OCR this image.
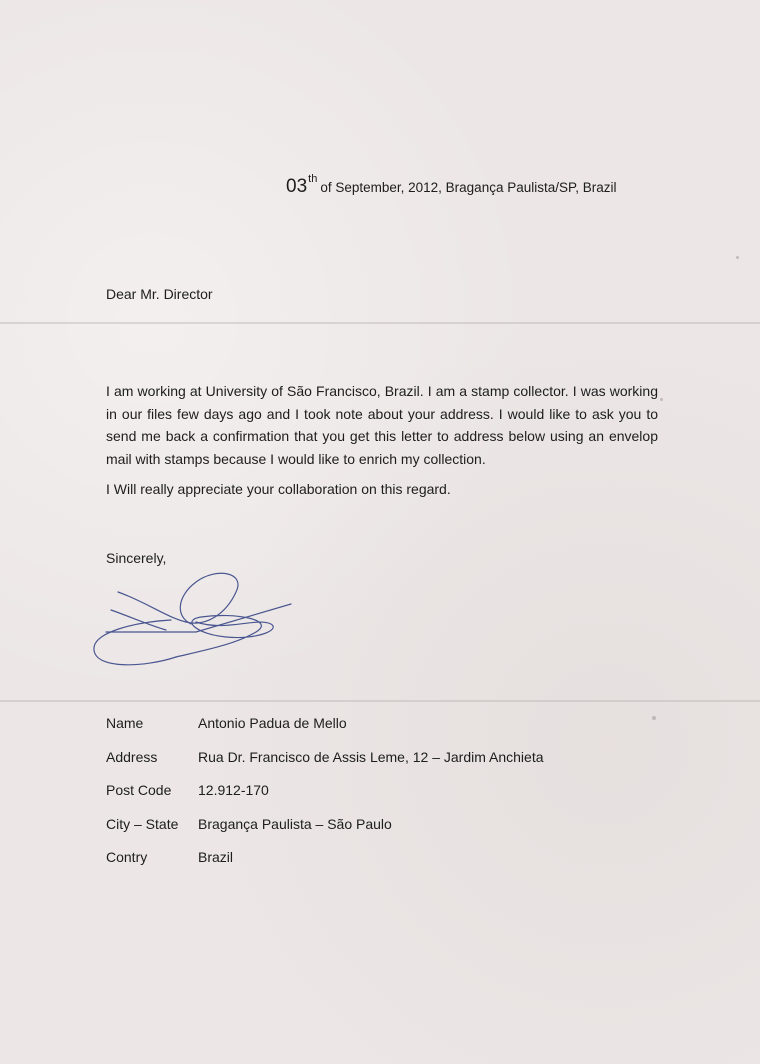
03thof September, 2012, Bragança Paulista/SP, Brazil
Dear Mr. Director

I am working at University of São Francisco, Brazil. I am a stamp collector. I was working in our files few days ago and I took note about your address. I would like to ask you to send me back a confirmation that you get this letter to address below using an envelop mail with stamps because I would like to enrich my collection.

I Will really appreciate your collaboration on this regard.

Sincerely,
Name	Antonio Padua de Mello
Address	Rua Dr. Francisco de Assis Leme, 12 – Jardim Anchieta
Post Code	12.912-170
City – State	Bragança Paulista – São Paulo
Contry	Brazil
